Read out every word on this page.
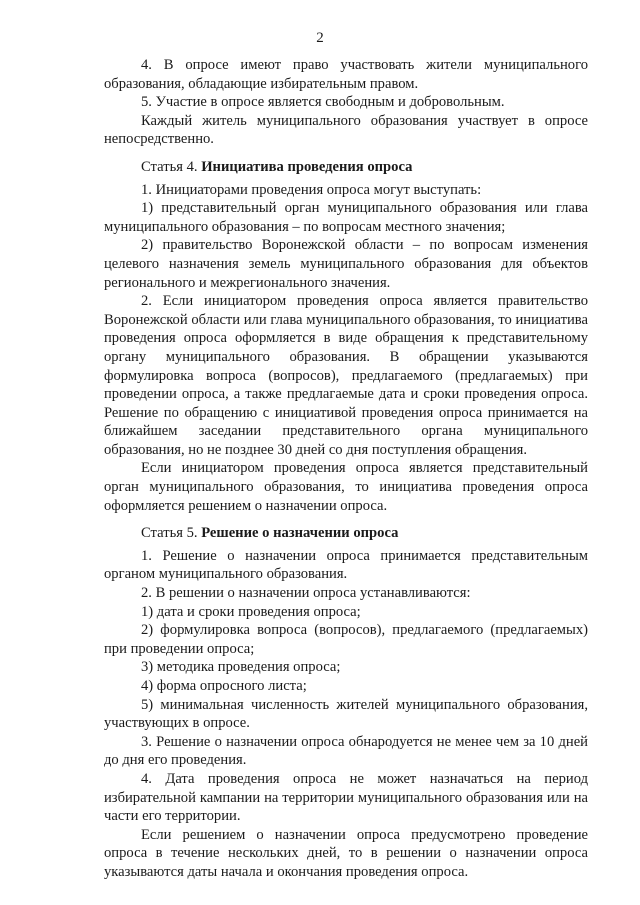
2

4. В опросе имеют право участвовать жители муниципального образования, обладающие избирательным правом.

5. Участие в опросе является свободным и добровольным.

Каждый житель муниципального образования участвует в опросе непосредственно.

Статья 4. Инициатива проведения опроса

1. Инициаторами проведения опроса могут выступать:

1) представительный орган муниципального образования или глава муниципального образования – по вопросам местного значения;

2) правительство Воронежской области – по вопросам изменения целевого назначения земель муниципального образования для объектов регионального и межрегионального значения.

2. Если инициатором проведения опроса является правительство Воронежской области или глава муниципального образования, то инициатива проведения опроса оформляется в виде обращения к представительному органу муниципального образования. В обращении указываются формулировка вопроса (вопросов), предлагаемого (предлагаемых) при проведении опроса, а также предлагаемые дата и сроки проведения опроса. Решение по обращению с инициативой проведения опроса принимается на ближайшем заседании представительного органа муниципального образования, но не позднее 30 дней со дня поступления обращения.

Если инициатором проведения опроса является представительный орган муниципального образования, то инициатива проведения опроса оформляется решением о назначении опроса.

Статья 5. Решение о назначении опроса

1. Решение о назначении опроса принимается представительным органом муниципального образования.

2. В решении о назначении опроса устанавливаются:

1) дата и сроки проведения опроса;

2) формулировка вопроса (вопросов), предлагаемого (предлагаемых) при проведении опроса;

3) методика проведения опроса;

4) форма опросного листа;

5) минимальная численность жителей муниципального образования, участвующих в опросе.

3. Решение о назначении опроса обнародуется не менее чем за 10 дней до дня его проведения.

4. Дата проведения опроса не может назначаться на период избирательной кампании на территории муниципального образования или на части его территории.

Если решением о назначении опроса предусмотрено проведение опроса в течение нескольких дней, то в решении о назначении опроса указываются даты начала и окончания проведения опроса.
